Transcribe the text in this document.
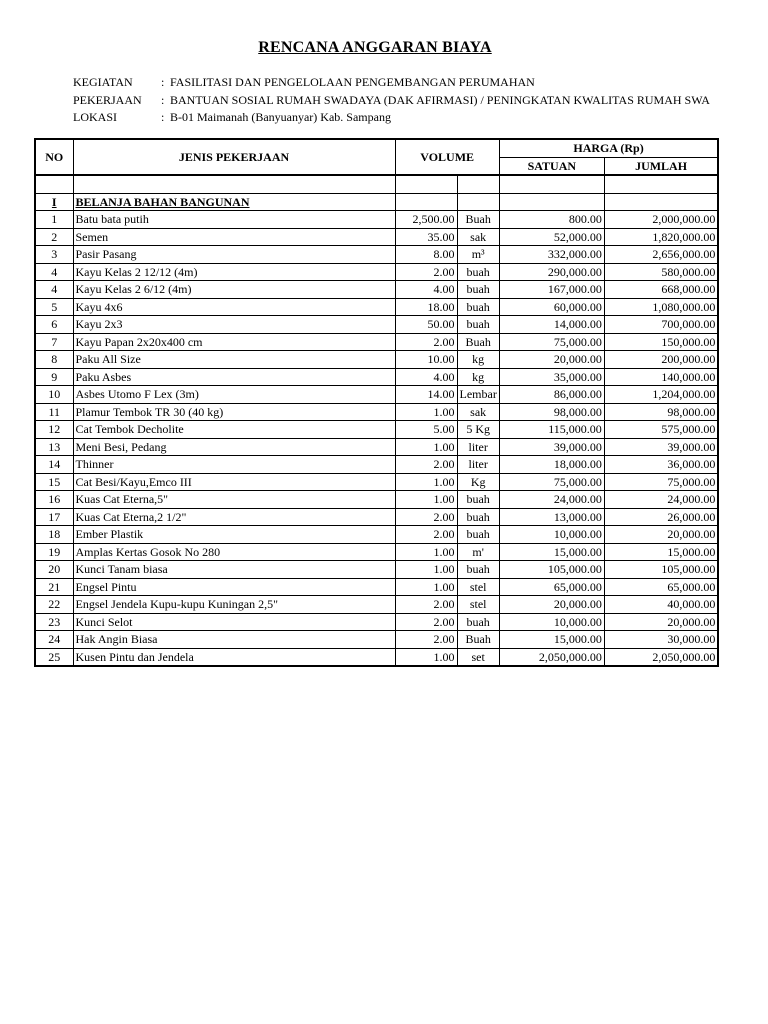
RENCANA ANGGARAN BIAYA
KEGIATAN	: FASILITASI DAN PENGELOLAAN PENGEMBANGAN PERUMAHAN
PEKERJAAN	: BANTUAN SOSIAL RUMAH SWADAYA (DAK AFIRMASI) / PENINGKATAN KWALITAS RUMAH SWA
LOKASI	: B-01 Maimanah (Banyuanyar) Kab. Sampang
NO	JENIS PEKERJAAN	VOLUME		HARGA (Rp)	
				SATUAN	JUMLAH

I	BELANJA BAHAN BANGUNAN				
1	Batu bata putih	2,500.00	Buah	800.00	2,000,000.00
2	Semen	35.00	sak	52,000.00	1,820,000.00
3	Pasir Pasang	8.00	m³	332,000.00	2,656,000.00
4	Kayu Kelas 2 12/12 (4m)	2.00	buah	290,000.00	580,000.00
4	Kayu Kelas 2 6/12 (4m)	4.00	buah	167,000.00	668,000.00
5	Kayu 4x6	18.00	buah	60,000.00	1,080,000.00
6	Kayu 2x3	50.00	buah	14,000.00	700,000.00
7	Kayu Papan 2x20x400 cm	2.00	Buah	75,000.00	150,000.00
8	Paku All Size	10.00	kg	20,000.00	200,000.00
9	Paku Asbes	4.00	kg	35,000.00	140,000.00
10	Asbes Utomo F Lex (3m)	14.00	Lembar	86,000.00	1,204,000.00
11	Plamur Tembok TR 30 (40 kg)	1.00	sak	98,000.00	98,000.00
12	Cat Tembok Decholite	5.00	5 Kg	115,000.00	575,000.00
13	Meni Besi, Pedang	1.00	liter	39,000.00	39,000.00
14	Thinner	2.00	liter	18,000.00	36,000.00
15	Cat Besi/Kayu,Emco III	1.00	Kg	75,000.00	75,000.00
16	Kuas Cat Eterna,5"	1.00	buah	24,000.00	24,000.00
17	Kuas Cat Eterna,2 1/2"	2.00	buah	13,000.00	26,000.00
18	Ember Plastik	2.00	buah	10,000.00	20,000.00
19	Amplas Kertas Gosok No 280	1.00	m'	15,000.00	15,000.00
20	Kunci Tanam biasa	1.00	buah	105,000.00	105,000.00
21	Engsel Pintu	1.00	stel	65,000.00	65,000.00
22	Engsel Jendela Kupu-kupu Kuningan 2,5"	2.00	stel	20,000.00	40,000.00
23	Kunci Selot	2.00	buah	10,000.00	20,000.00
24	Hak Angin Biasa	2.00	Buah	15,000.00	30,000.00
25	Kusen Pintu dan Jendela	1.00	set	2,050,000.00	2,050,000.00
